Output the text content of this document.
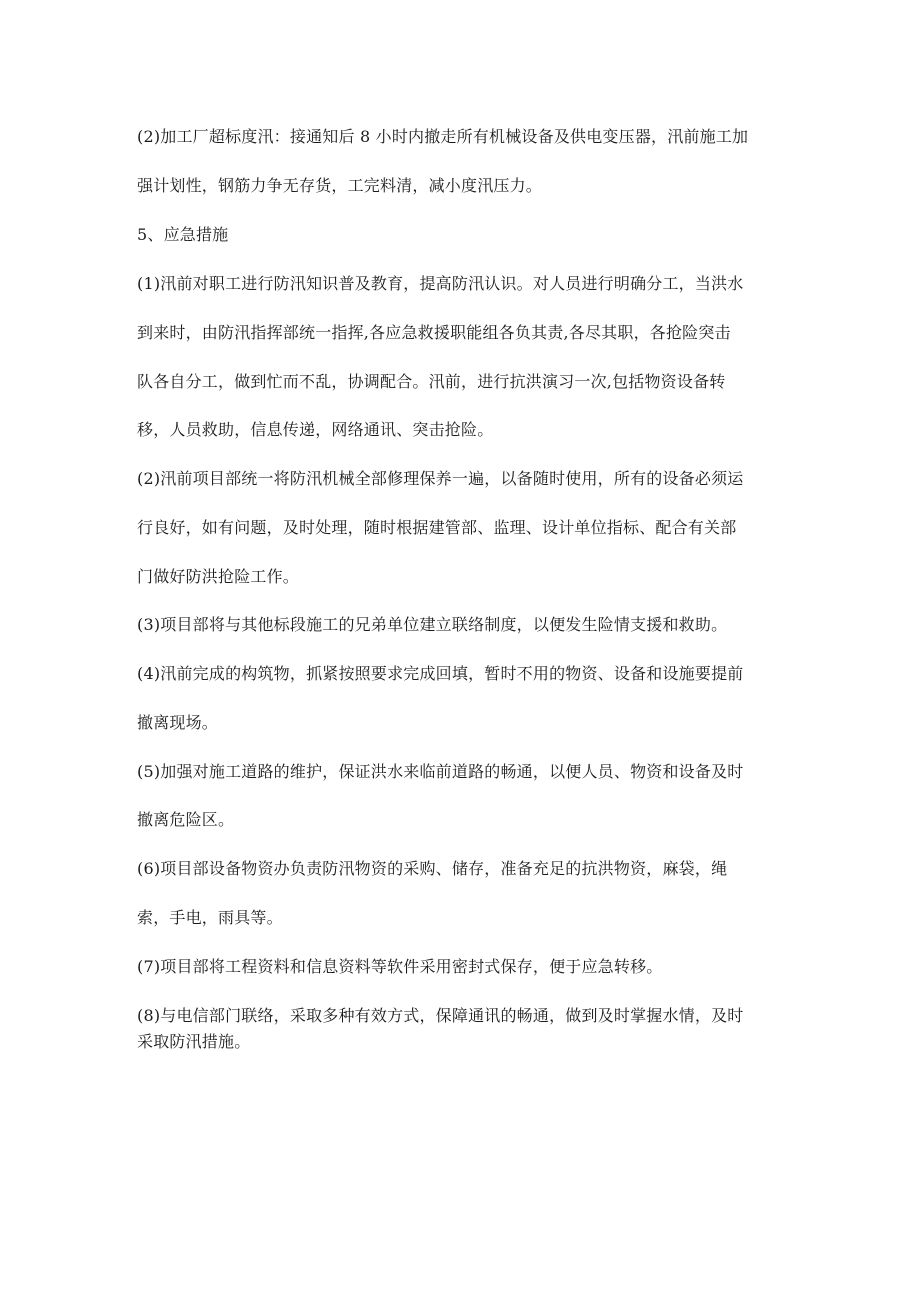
(2)加工厂超标度汛：接通知后 8 小时内撤走所有机械设备及供电变压器，汛前施工加
强计划性，钢筋力争无存货，工完料清，减小度汛压力。
5、应急措施
(1)汛前对职工进行防汛知识普及教育，提高防汛认识。对人员进行明确分工，当洪水
到来时，由防汛指挥部统一指挥,各应急救援职能组各负其责,各尽其职，各抢险突击
队各自分工，做到忙而不乱，协调配合。汛前，进行抗洪演习一次,包括物资设备转
移，人员救助，信息传递，网络通讯、突击抢险。
(2)汛前项目部统一将防汛机械全部修理保养一遍，以备随时使用，所有的设备必须运
行良好，如有问题，及时处理，随时根据建管部、监理、设计单位指标、配合有关部
门做好防洪抢险工作。
(3)项目部将与其他标段施工的兄弟单位建立联络制度，以便发生险情支援和救助。
(4)汛前完成的构筑物，抓紧按照要求完成回填，暂时不用的物资、设备和设施要提前
撤离现场。
(5)加强对施工道路的维护，保证洪水来临前道路的畅通，以便人员、物资和设备及时
撤离危险区。
(6)项目部设备物资办负责防汛物资的采购、储存，准备充足的抗洪物资，麻袋，绳
索，手电，雨具等。
(7)项目部将工程资料和信息资料等软件采用密封式保存，便于应急转移。
(8)与电信部门联络，采取多种有效方式，保障通讯的畅通，做到及时掌握水情，及时
采取防汛措施。
